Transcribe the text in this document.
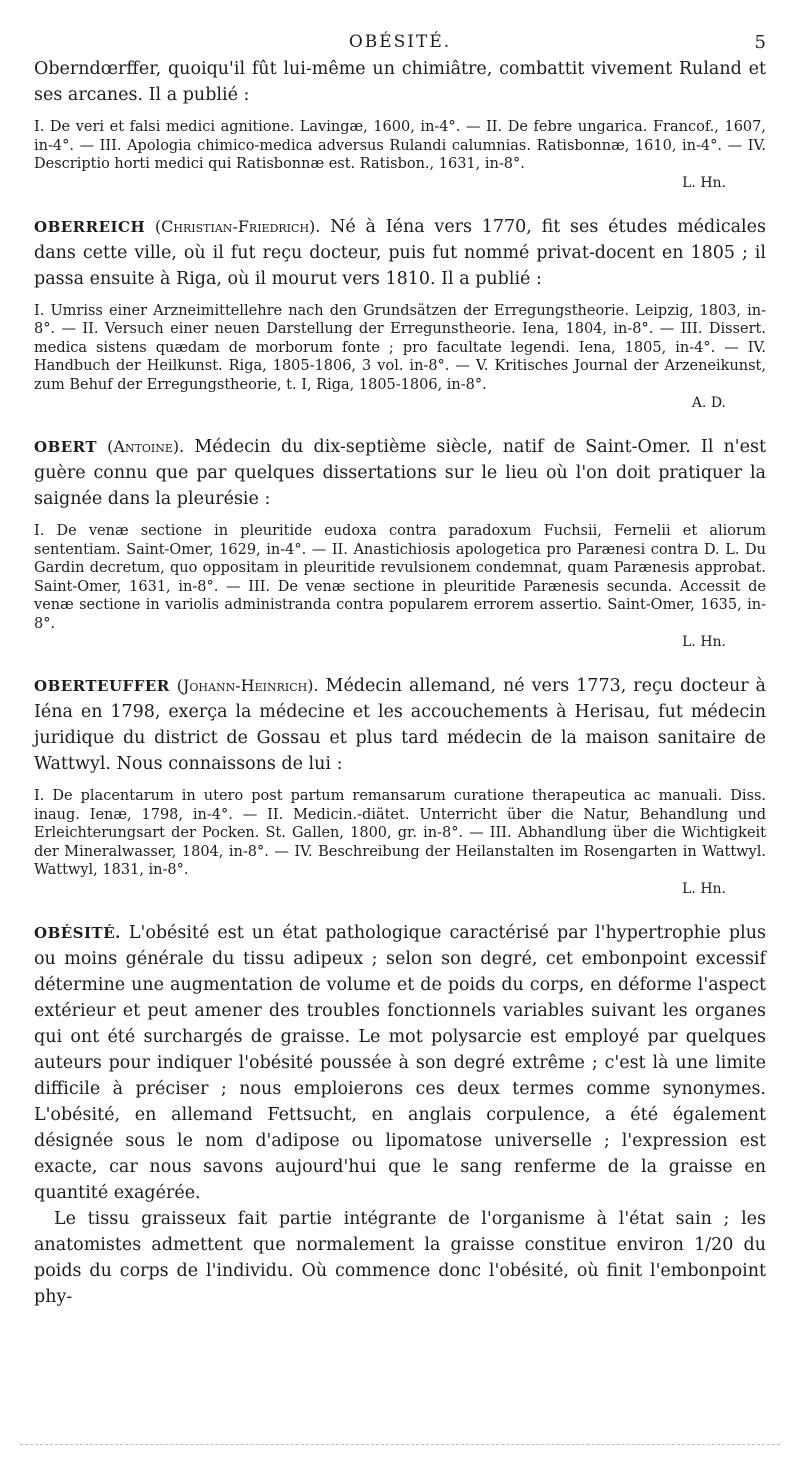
OBÉSITÉ.	5

Oberndœrffer, quoiqu'il fût lui-même un chimiâtre, combattit vivement Ruland et ses arcanes. Il a publié :

I. De veri et falsi medici agnitione. Lavingæ, 1600, in-4°. — II. De febre ungarica. Francof., 1607, in-4°. — III. Apologia chimico-medica adversus Rulandi calumnias. Ratisbonnæ, 1610, in-4°. — IV. Descriptio horti medici qui Ratisbonnæ est. Ratisbon., 1631, in-8°.

L. Hn.

OBERREICH (Christian-Friedrich). Né à Iéna vers 1770, fit ses études médicales dans cette ville, où il fut reçu docteur, puis fut nommé privat-docent en 1805 ; il passa ensuite à Riga, où il mourut vers 1810. Il a publié :

I. Umriss einer Arzneimittellehre nach den Grundsätzen der Erregungstheorie. Leipzig, 1803, in-8°. — II. Versuch einer neuen Darstellung der Erregunstheorie. Iena, 1804, in-8°. — III. Dissert. medica sistens quædam de morborum fonte ; pro facultate legendi. Iena, 1805, in-4°. — IV. Handbuch der Heilkunst. Riga, 1805-1806, 3 vol. in-8°. — V. Kritisches Journal der Arzeneikunst, zum Behuf der Erregungstheorie, t. I, Riga, 1805-1806, in-8°.

A. D.

OBERT (Antoine). Médecin du dix-septième siècle, natif de Saint-Omer. Il n'est guère connu que par quelques dissertations sur le lieu où l'on doit pratiquer la saignée dans la pleurésie :

I. De venæ sectione in pleuritide eudoxa contra paradoxum Fuchsii, Fernelii et aliorum sententiam. Saint-Omer, 1629, in-4°. — II. Anastichiosis apologetica pro Parænesi contra D. L. Du Gardin decretum, quo oppositam in pleuritide revulsionem condemnat, quam Parænesis approbat. Saint-Omer, 1631, in-8°. — III. De venæ sectione in pleuritide Parænesis secunda. Accessit de venæ sectione in variolis administranda contra popularem errorem assertio. Saint-Omer, 1635, in-8°.

L. Hn.

OBERTEUFFER (Johann-Heinrich). Médecin allemand, né vers 1773, reçu docteur à Iéna en 1798, exerça la médecine et les accouchements à Herisau, fut médecin juridique du district de Gossau et plus tard médecin de la maison sanitaire de Wattwyl. Nous connaissons de lui :

I. De placentarum in utero post partum remansarum curatione therapeutica ac manuali. Diss. inaug. Ienæ, 1798, in-4°. — II. Medicin.-diätet. Unterricht über die Natur, Behandlung und Erleichterungsart der Pocken. St. Gallen, 1800, gr. in-8°. — III. Abhandlung über die Wichtigkeit der Mineralwasser, 1804, in-8°. — IV. Beschreibung der Heilanstalten im Rosengarten in Wattwyl. Wattwyl, 1831, in-8°.

L. Hn.

OBÉSITÉ. L'obésité est un état pathologique caractérisé par l'hypertrophie plus ou moins générale du tissu adipeux ; selon son degré, cet embonpoint excessif détermine une augmentation de volume et de poids du corps, en déforme l'aspect extérieur et peut amener des troubles fonctionnels variables suivant les organes qui ont été surchargés de graisse. Le mot polysarcie est employé par quelques auteurs pour indiquer l'obésité poussée à son degré extrême ; c'est là une limite difficile à préciser ; nous emploierons ces deux termes comme synonymes. L'obésité, en allemand Fettsucht, en anglais corpulence, a été également désignée sous le nom d'adipose ou lipomatose universelle ; l'expression est exacte, car nous savons aujourd'hui que le sang renferme de la graisse en quantité exagérée.

Le tissu graisseux fait partie intégrante de l'organisme à l'état sain ; les anatomistes admettent que normalement la graisse constitue environ 1/20 du poids du corps de l'individu. Où commence donc l'obésité, où finit l'embonpoint phy-
